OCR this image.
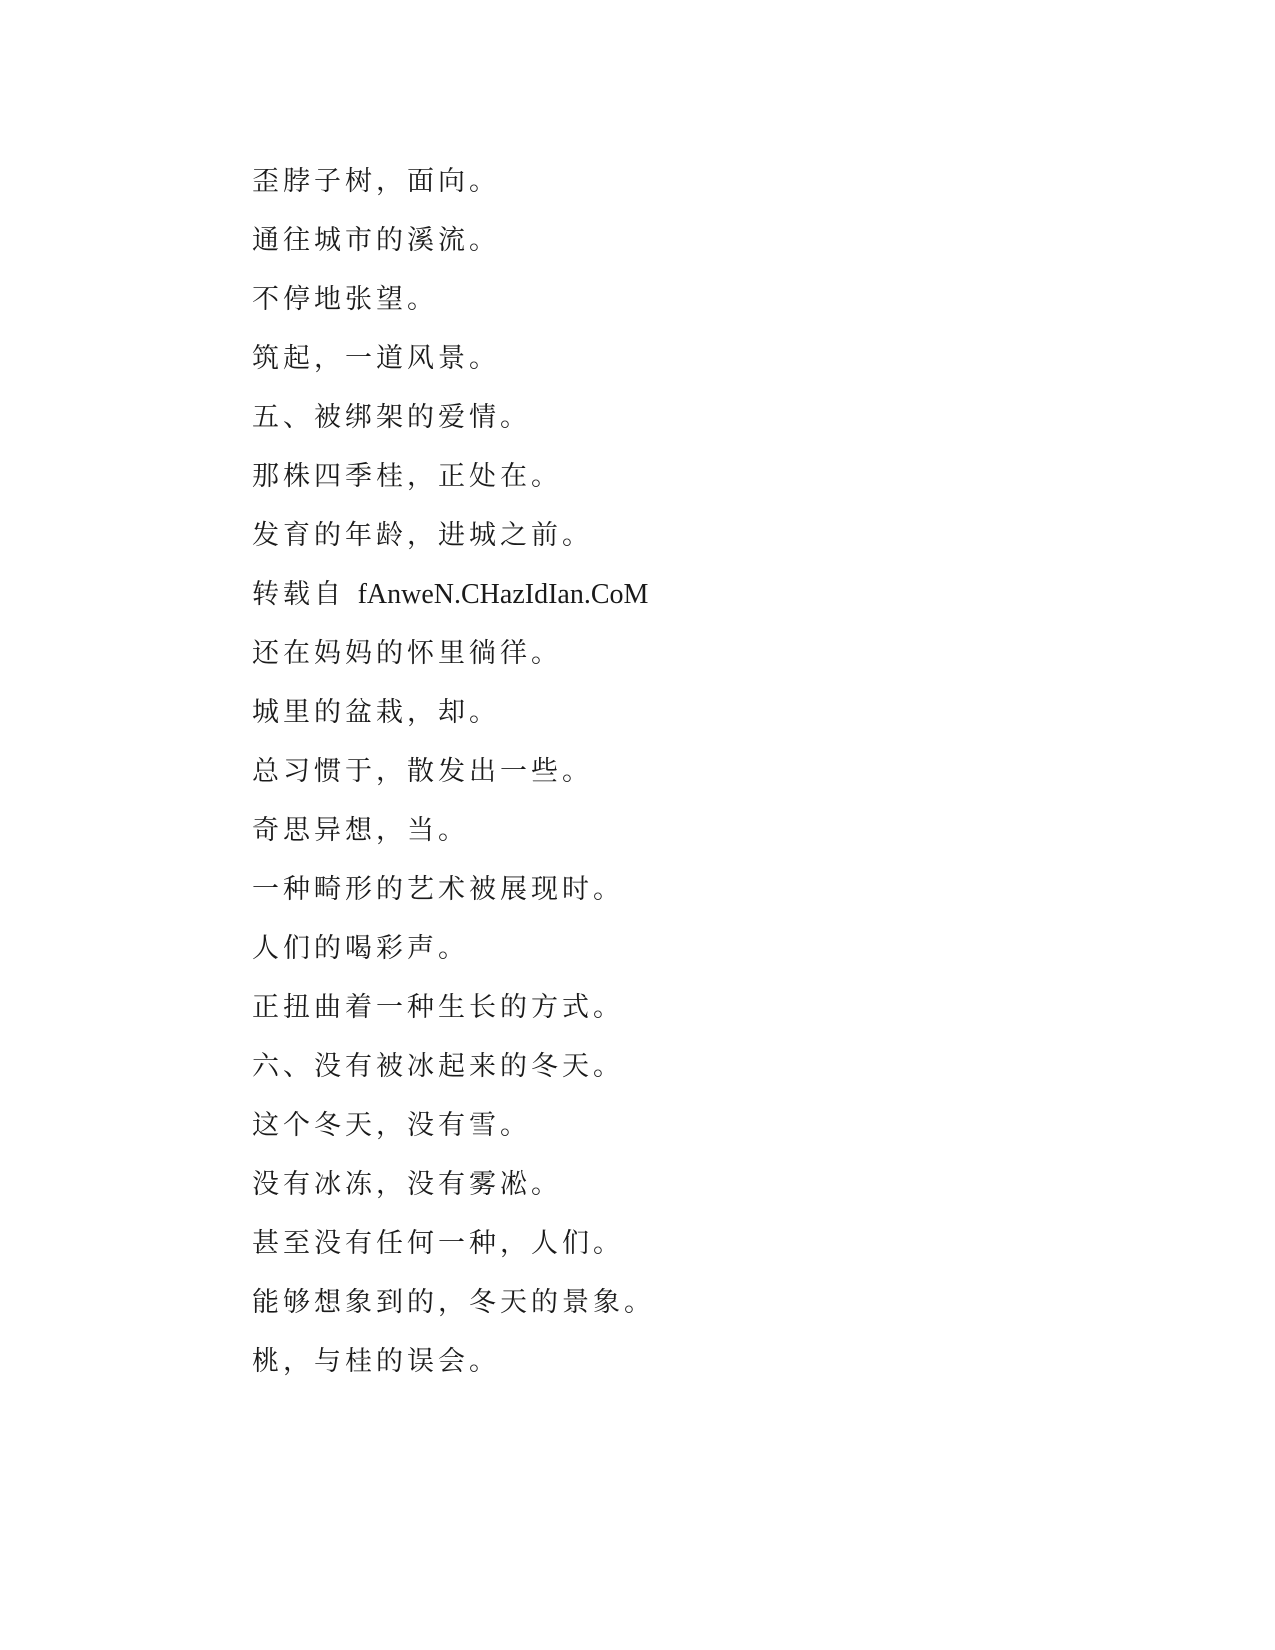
歪脖子树，面向。
通往城市的溪流。
不停地张望。
筑起，一道风景。
五、被绑架的爱情。
那株四季桂，正处在。
发育的年龄，进城之前。
转载自 fAnweN.CHazIdIan.CoM
还在妈妈的怀里徜徉。
城里的盆栽，却。
总习惯于，散发出一些。
奇思异想，当。
一种畸形的艺术被展现时。
人们的喝彩声。
正扭曲着一种生长的方式。
六、没有被冰起来的冬天。
这个冬天，没有雪。
没有冰冻，没有雾凇。
甚至没有任何一种，人们。
能够想象到的，冬天的景象。
桃，与桂的误会。
